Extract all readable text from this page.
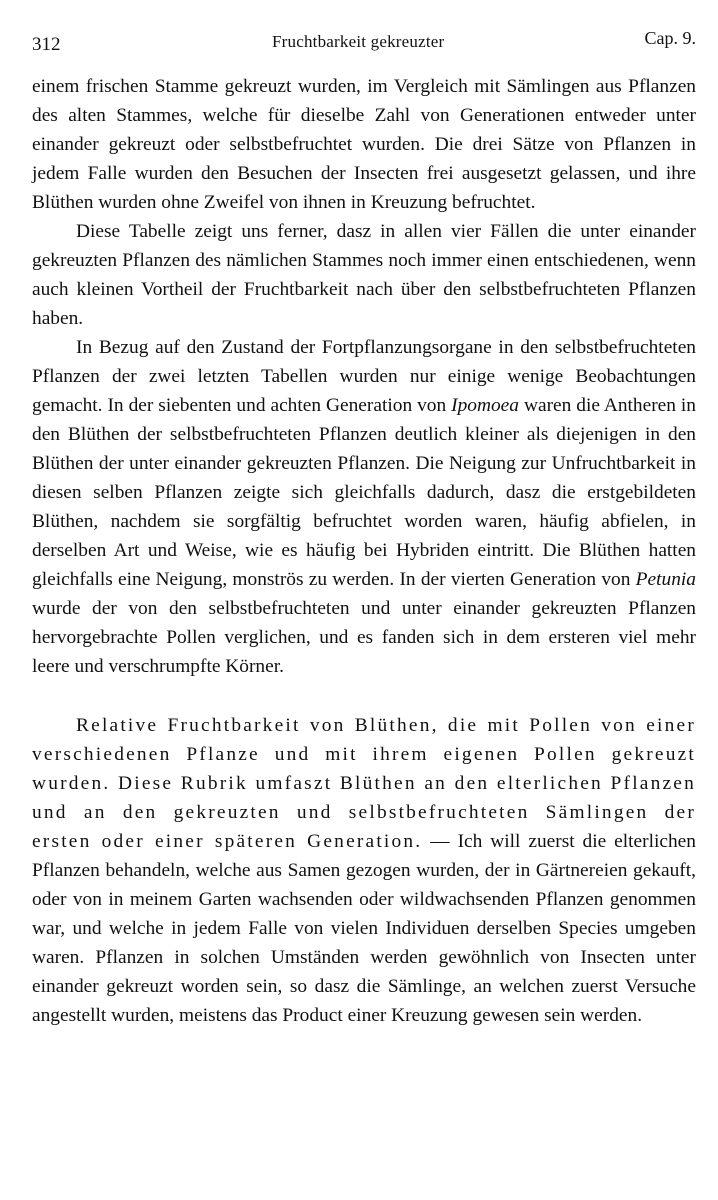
312	Fruchtbarkeit gekreuzter	Cap. 9.

einem frischen Stamme gekreuzt wurden, im Vergleich mit Sämlingen aus Pflanzen des alten Stammes, welche für dieselbe Zahl von Generationen entweder unter einander gekreuzt oder selbstbefruchtet wurden. Die drei Sätze von Pflanzen in jedem Falle wurden den Besuchen der Insecten frei ausgesetzt gelassen, und ihre Blüthen wurden ohne Zweifel von ihnen in Kreuzung befruchtet.

Diese Tabelle zeigt uns ferner, dasz in allen vier Fällen die unter einander gekreuzten Pflanzen des nämlichen Stammes noch immer einen entschiedenen, wenn auch kleinen Vortheil der Fruchtbarkeit nach über den selbstbefruchteten Pflanzen haben.

In Bezug auf den Zustand der Fortpflanzungsorgane in den selbstbefruchteten Pflanzen der zwei letzten Tabellen wurden nur einige wenige Beobachtungen gemacht. In der siebenten und achten Generation von Ipomoea waren die Antheren in den Blüthen der selbstbefruchteten Pflanzen deutlich kleiner als diejenigen in den Blüthen der unter einander gekreuzten Pflanzen. Die Neigung zur Unfruchtbarkeit in diesen selben Pflanzen zeigte sich gleichfalls dadurch, dasz die erstgebildeten Blüthen, nachdem sie sorgfältig befruchtet worden waren, häufig abfielen, in derselben Art und Weise, wie es häufig bei Hybriden eintritt. Die Blüthen hatten gleichfalls eine Neigung, monströs zu werden. In der vierten Generation von Petunia wurde der von den selbstbefruchteten und unter einander gekreuzten Pflanzen hervorgebrachte Pollen verglichen, und es fanden sich in dem ersteren viel mehr leere und verschrumpfte Körner.

Relative Fruchtbarkeit von Blüthen, die mit Pollen von einer verschiedenen Pflanze und mit ihrem eigenen Pollen gekreuzt wurden. Diese Rubrik umfaszt Blüthen an den elterlichen Pflanzen und an den gekreuzten und selbstbefruchteten Sämlingen der ersten oder einer späteren Generation. — Ich will zuerst die elterlichen Pflanzen behandeln, welche aus Samen gezogen wurden, der in Gärtnereien gekauft, oder von in meinem Garten wachsenden oder wildwachsenden Pflanzen genommen war, und welche in jedem Falle von vielen Individuen derselben Species umgeben waren. Pflanzen in solchen Umständen werden gewöhnlich von Insecten unter einander gekreuzt worden sein, so dasz die Sämlinge, an welchen zuerst Versuche angestellt wurden, meistens das Product einer Kreuzung gewesen sein werden.
